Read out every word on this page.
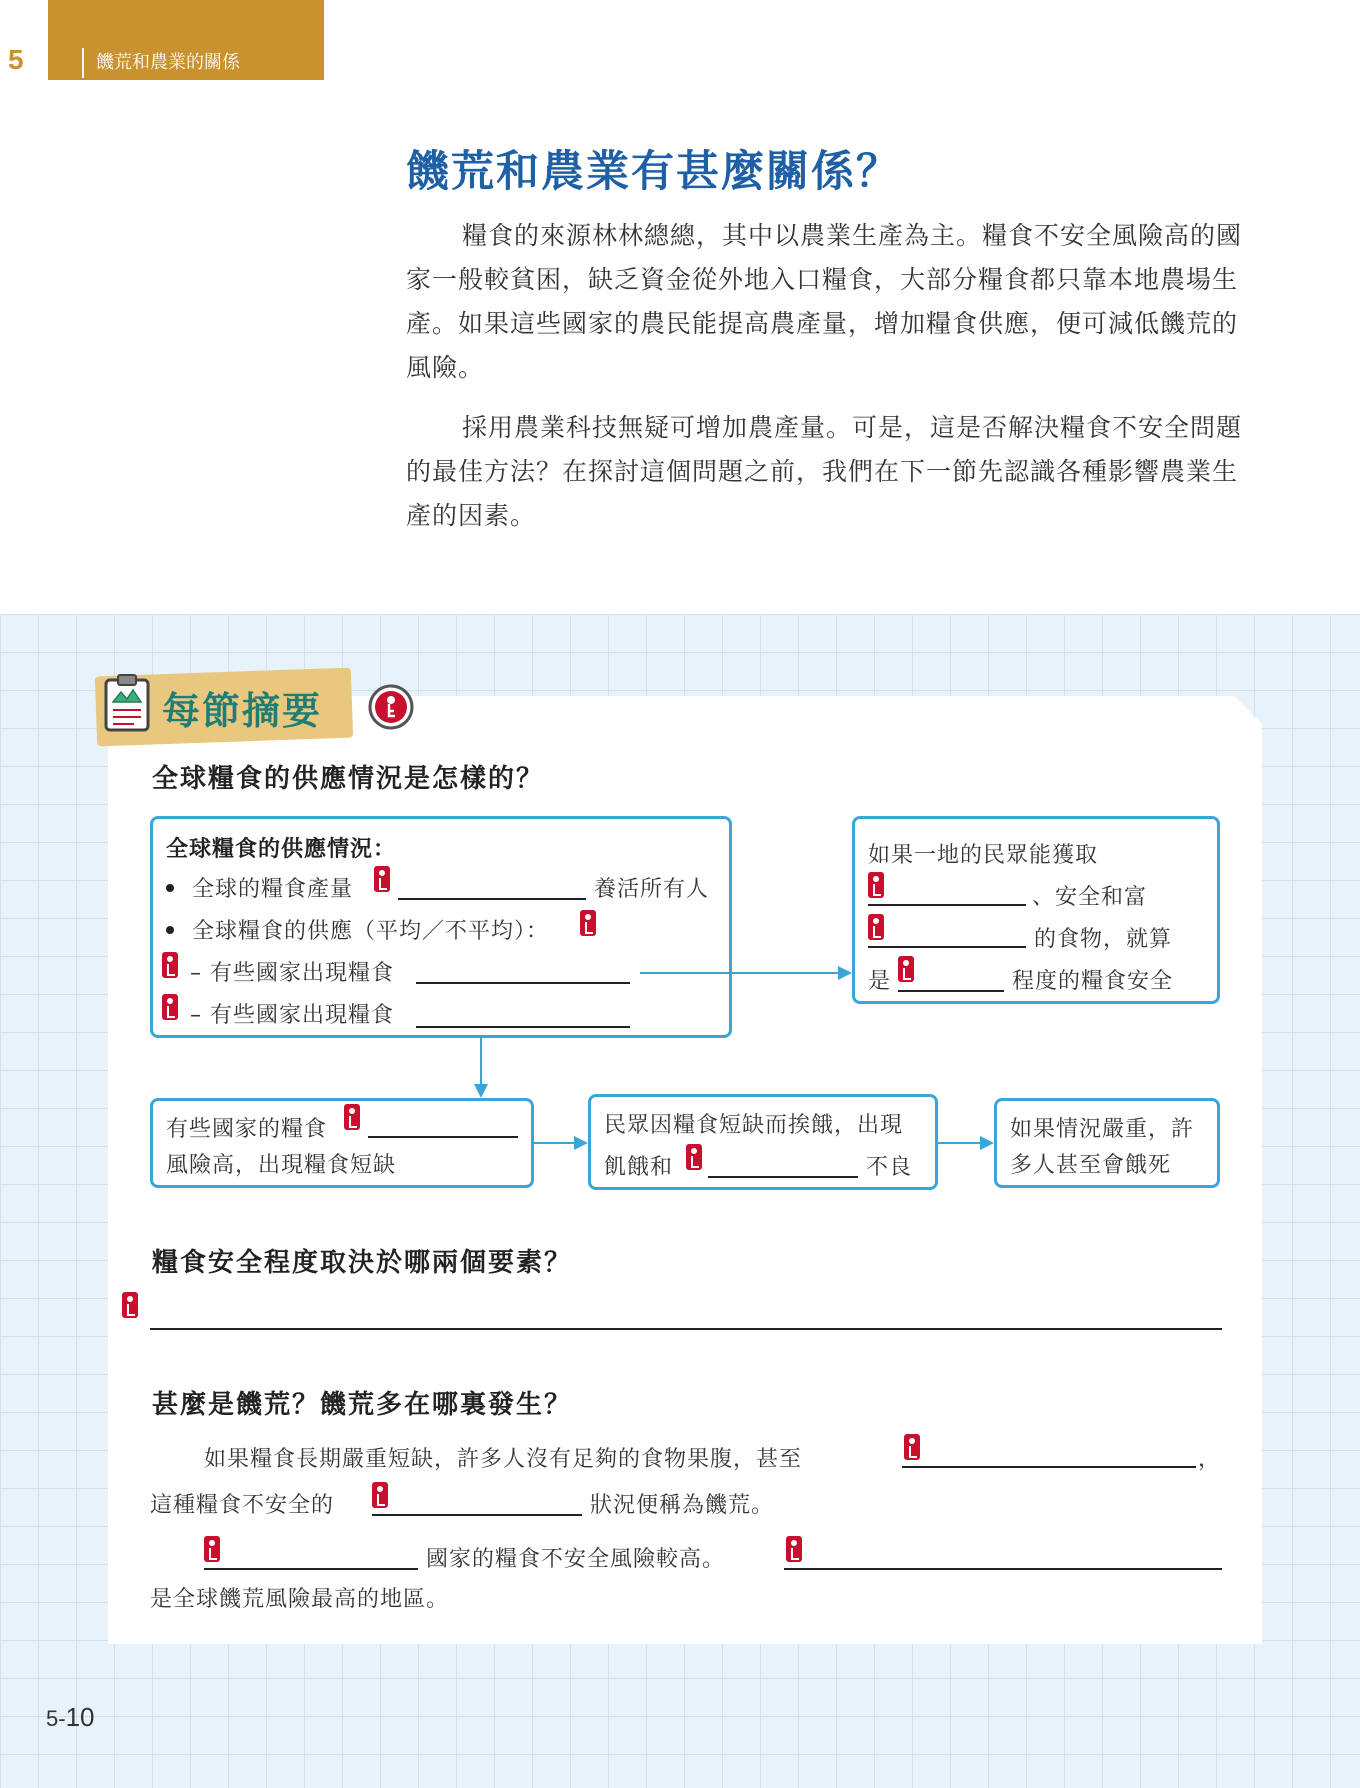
饑荒和農業的關係
5
饑荒和農業有甚麼關係？

糧食的來源林林總總，其中以農業生產為主。糧食不安全風險高的國家一般較貧困，缺乏資金從外地入口糧食，大部分糧食都只靠本地農場生產。如果這些國家的農民能提高農產量，增加糧食供應，便可減低饑荒的風險。

採用農業科技無疑可增加農產量。可是，這是否解決糧食不安全問題的最佳方法？在探討這個問題之前，我們在下一節先認識各種影響農業生產的因素。

每節摘要
全球糧食的供應情況是怎樣的？
全球糧食的供應情況：
全球的糧食產量	養活所有人
全球糧食的供應（平均／不平均）：
– 有些國家出現糧食
– 有些國家出現糧食
如果一地的民眾能獲取
、安全和富
的食物，就算
是	程度的糧食安全
有些國家的糧食
風險高，出現糧食短缺
民眾因糧食短缺而挨餓，出現
飢餓和	不良
如果情況嚴重，許
多人甚至會餓死
糧食安全程度取決於哪兩個要素？
甚麼是饑荒？饑荒多在哪裏發生？
如果糧食長期嚴重短缺，許多人沒有足夠的食物果腹，甚至	，
這種糧食不安全的	狀況便稱為饑荒。
國家的糧食不安全風險較高。
是全球饑荒風險最高的地區。
5-10
